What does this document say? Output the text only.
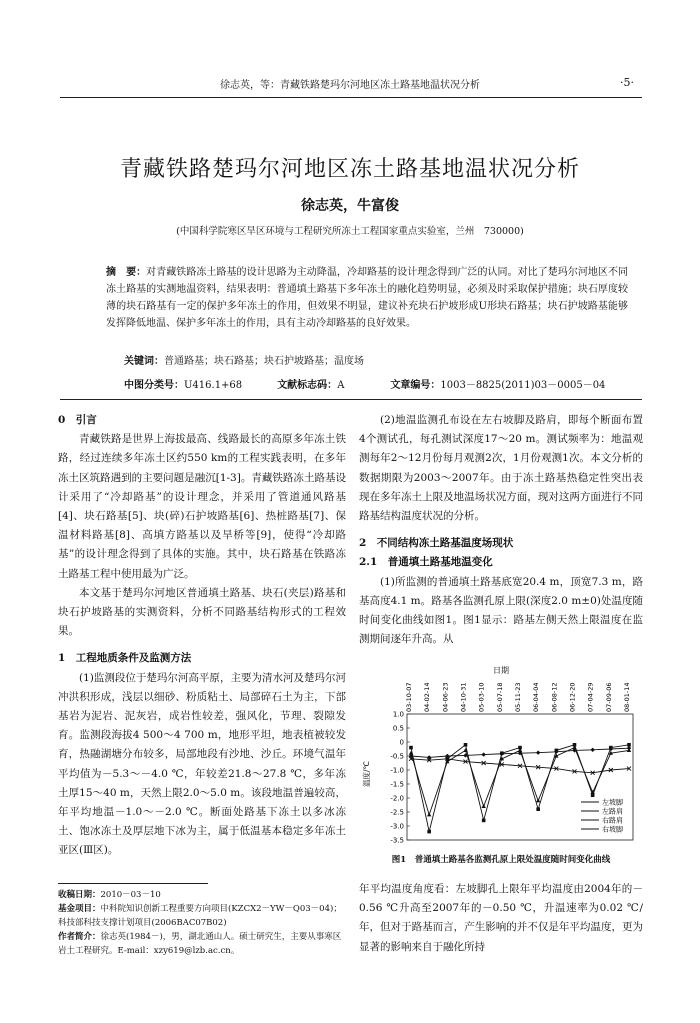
徐志英，等：青藏铁路楚玛尔河地区冻土路基地温状况分析	·5·
青藏铁路楚玛尔河地区冻土路基地温状况分析
徐志英，牛富俊
(中国科学院寒区旱区环境与工程研究所冻土工程国家重点实验室，兰州　730000)
摘　要：对青藏铁路冻土路基的设计思路为主动降温，冷却路基的设计理念得到广泛的认同。对比了楚玛尔河地区不同冻土路基的实测地温资料，结果表明：普通填土路基下多年冻土的融化趋势明显，必须及时采取保护措施；块石厚度较薄的块石路基有一定的保护多年冻土的作用，但效果不明显，建议补充块石护坡形成U形块石路基；块石护坡路基能够发挥降低地温、保护多年冻土的作用，具有主动冷却路基的良好效果。
关键词：普通路基；块石路基；块石护坡路基；温度场
中图分类号：U416.1+68	文献标志码：A	文章编号：1003－8825(2011)03－0005－04

0　引言

青藏铁路是世界上海拔最高、线路最长的高原多年冻土铁路，经过连续多年冻土区约550 km的工程实践表明，在多年冻土区筑路遇到的主要问题是融沉[1-3]。青藏铁路冻土路基设计采用了“冷却路基”的设计理念，并采用了管道通风路基[4]、块石路基[5]、块(碎)石护坡路基[6]、热桩路基[7]、保温材料路基[8]、高填方路基以及旱桥等[9]，使得“冷却路基”的设计理念得到了具体的实施。其中，块石路基在铁路冻土路基工程中使用最为广泛。

本文基于楚玛尔河地区普通填土路基、块石(夹层)路基和块石护坡路基的实测资料，分析不同路基结构形式的工程效果。

1　工程地质条件及监测方法

(1)监测段位于楚玛尔河高平原，主要为清水河及楚玛尔河冲洪积形成，浅层以细砂、粉质粘土、局部碎石土为主，下部基岩为泥岩、泥灰岩，成岩性较差，强风化，节理、裂隙发育。监测段海拔4 500～4 700 m，地形平坦，地表植被较发育，热融湖塘分布较多，局部地段有沙地、沙丘。环境气温年平均值为－5.3～－4.0 ℃，年较差21.8～27.8 ℃，多年冻土厚15～40 m，天然上限2.0～5.0 m。该段地温普遍较高，年平均地温－1.0～－2.0 ℃。断面处路基下冻土以多冰冻土、饱冰冻土及厚层地下冰为主，属于低温基本稳定多年冻土亚区(Ⅲ区)。

收稿日期：2010－03－10

基金项目：中科院知识创新工程重要方向项目(KZCX2－YW－Q03－04)；科技部科技支撑计划项目(2006BAC07B02)

作者简介：徐志英(1984－)，男，湖北通山人。硕士研究生，主要从事寒区岩土工程研究。E-mail：xzy619@lzb.ac.cn。

(2)地温监测孔布设在左右坡脚及路肩，即每个断面布置4个测试孔，每孔测试深度17～20 m。测试频率为：地温观测每年2～12月份每月观测2次，1月份观测1次。本文分析的数据期限为2003～2007年。由于冻土路基热稳定性突出表现在多年冻土上限及地温场状况方面，现对这两方面进行不同路基结构温度状况的分析。

2　不同结构冻土路基温度场现状

2.1　普通填土路基地温变化

(1)所监测的普通填土路基底宽20.4 m，顶宽7.3 m，路基高度4.1 m。路基各监测孔原上限(深度2.0 m±0)处温度随时间变化曲线如图1。图1显示：路基左侧天然上限温度在监测期间逐年升高。从

日期
03-10-07 04-02-14 04-06-23 04-10-31 05-03-10 05-07-18 05-11-23 06-04-04 06-08-12 06-12-20 07-04-29 07-09-06 08-01-14
1.0
0.5
0
-0.5
-1.0
-1.5
-2.0
-2.5
-3.0
-3.5
温度/℃
左坡脚
左路肩
右路肩
右坡脚
图1　普通填土路基各监测孔原上限处温度随时间变化曲线

年平均温度角度看：左坡脚孔上限年平均温度由2004年的－0.56 ℃升高至2007年的－0.50 ℃，升温速率为0.02 ℃/年，但对于路基而言，产生影响的并不仅是年平均温度，更为显著的影响来自于融化所持
